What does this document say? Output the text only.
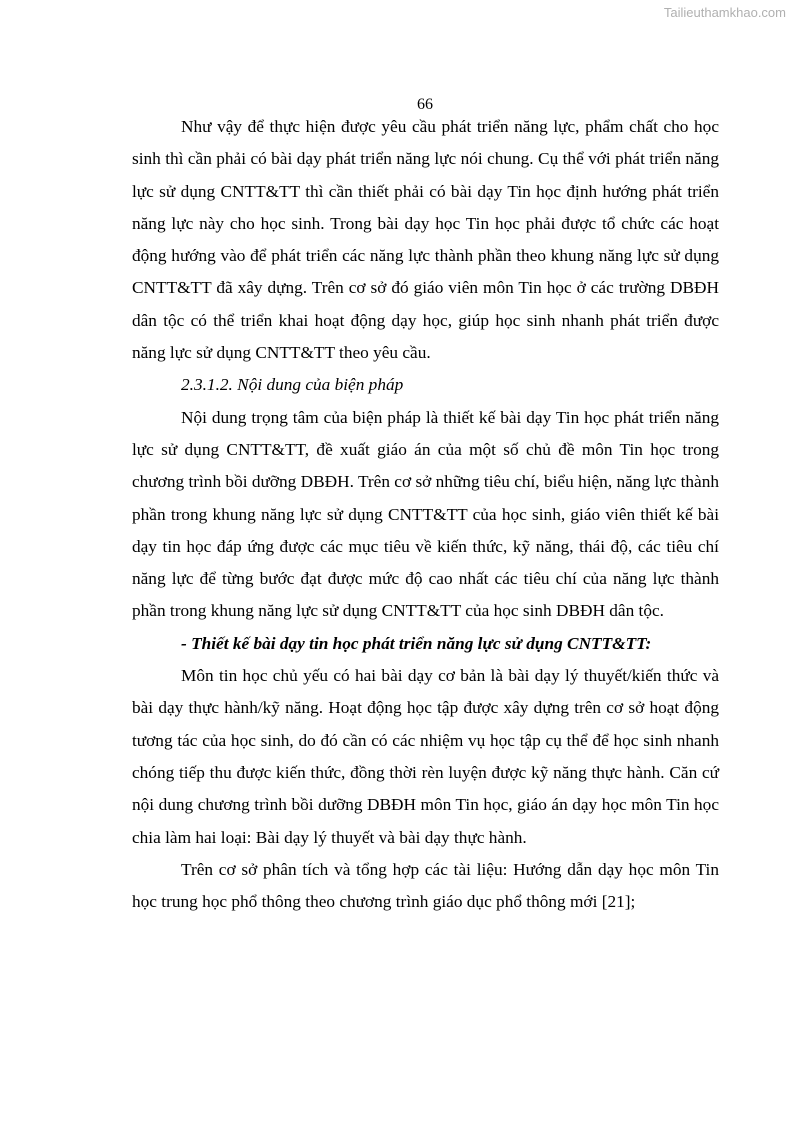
Tailieuthamkhao.com
66

Như vậy để thực hiện được yêu cầu phát triển năng lực, phẩm chất cho học sinh thì cần phải có bài dạy phát triển năng lực nói chung. Cụ thể với phát triển năng lực sử dụng CNTT&TT thì cần thiết phải có bài dạy Tin học định hướng phát triển năng lực này cho học sinh. Trong bài dạy học Tin học phải được tổ chức các hoạt động hướng vào để phát triển các năng lực thành phần theo khung năng lực sử dụng CNTT&TT đã xây dựng. Trên cơ sở đó giáo viên môn Tin học ở các trường DBĐH dân tộc có thể triển khai hoạt động dạy học, giúp học sinh nhanh phát triển được năng lực sử dụng CNTT&TT theo yêu cầu.

2.3.1.2. Nội dung của biện pháp

Nội dung trọng tâm của biện pháp là thiết kế bài dạy Tin học phát triển năng lực sử dụng CNTT&TT, đề xuất giáo án của một số chủ đề môn Tin học trong chương trình bồi dưỡng DBĐH. Trên cơ sở những tiêu chí, biểu hiện, năng lực thành phần trong khung năng lực sử dụng CNTT&TT của học sinh, giáo viên thiết kế bài dạy tin học đáp ứng được các mục tiêu về kiến thức, kỹ năng, thái độ, các tiêu chí năng lực để từng bước đạt được mức độ cao nhất các tiêu chí của năng lực thành phần trong khung năng lực sử dụng CNTT&TT của học sinh DBĐH dân tộc.

- Thiết kế bài dạy tin học phát triển năng lực sử dụng CNTT&TT:

Môn tin học chủ yếu có hai bài dạy cơ bản là bài dạy lý thuyết/kiến thức và bài dạy thực hành/kỹ năng. Hoạt động học tập được xây dựng trên cơ sở hoạt động tương tác của học sinh, do đó cần có các nhiệm vụ học tập cụ thể để học sinh nhanh chóng tiếp thu được kiến thức, đồng thời rèn luyện được kỹ năng thực hành. Căn cứ nội dung chương trình bồi dưỡng DBĐH môn Tin học, giáo án dạy học môn Tin học chia làm hai loại: Bài dạy lý thuyết và bài dạy thực hành.

Trên cơ sở phân tích và tổng hợp các tài liệu: Hướng dẫn dạy học môn Tin học trung học phổ thông theo chương trình giáo dục phổ thông mới [21];
